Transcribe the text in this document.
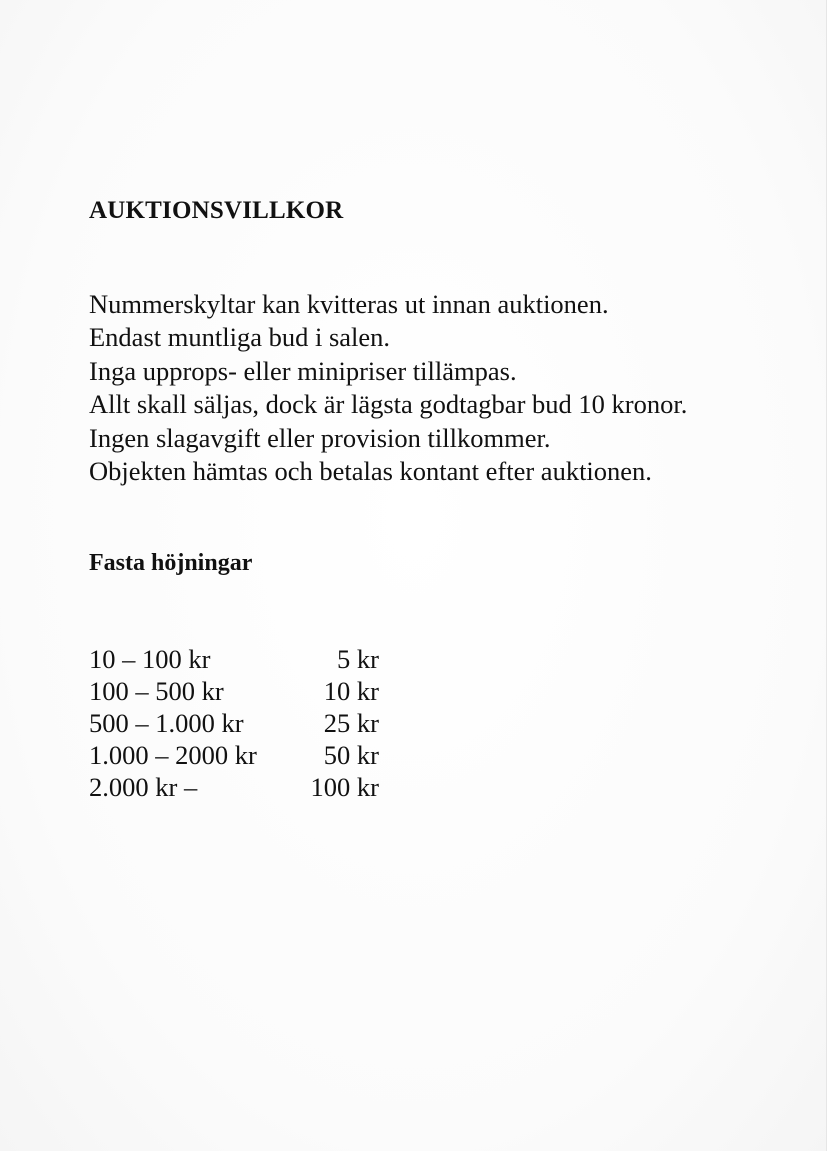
AUKTIONSVILLKOR
Nummerskyltar kan kvitteras ut innan auktionen.
Endast muntliga bud i salen.
Inga upprops- eller minipriser tillämpas.
Allt skall säljas, dock är lägsta godtagbar bud 10 kronor.
Ingen slagavgift eller provision tillkommer.
Objekten hämtas och betalas kontant efter auktionen.
Fasta höjningar
10 – 100 kr	5 kr
100 – 500 kr	10 kr
500 – 1.000 kr	25 kr
1.000 – 2000 kr	50 kr
2.000 kr –	100 kr
